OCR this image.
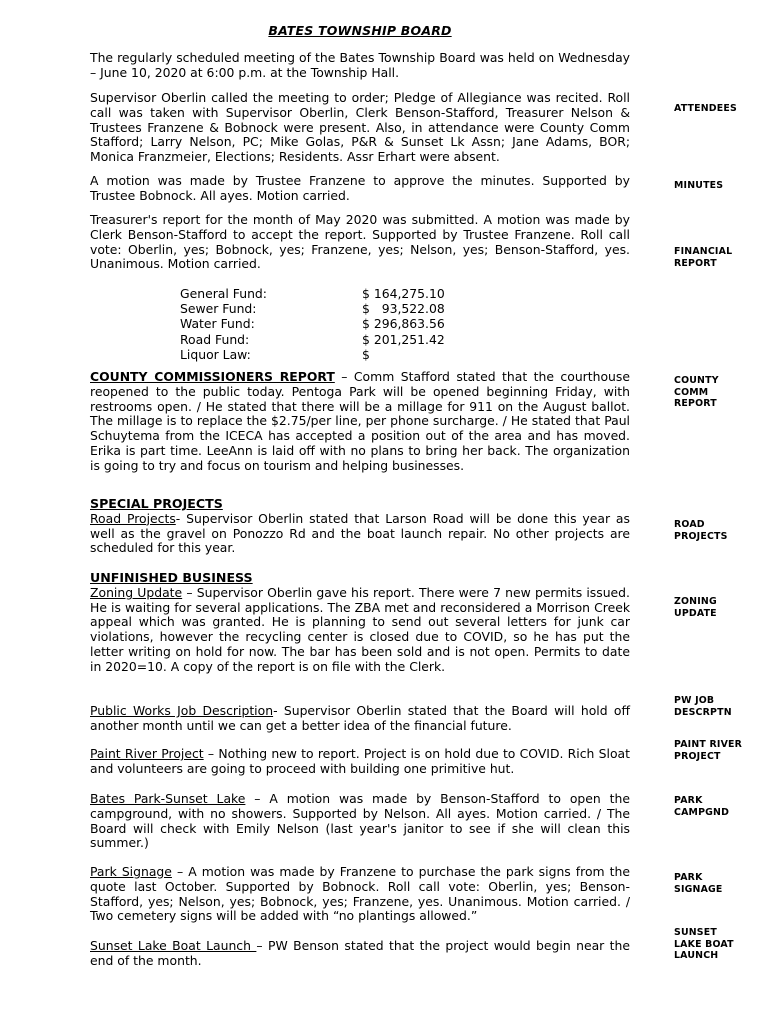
BATES TOWNSHIP BOARD
The regularly scheduled meeting of the Bates Township Board was held on Wednesday – June 10, 2020 at 6:00 p.m. at the Township Hall.
Supervisor Oberlin called the meeting to order; Pledge of Allegiance was recited. Roll call was taken with Supervisor Oberlin, Clerk Benson-Stafford, Treasurer Nelson & Trustees Franzene & Bobnock were present. Also, in attendance were County Comm Stafford; Larry Nelson, PC; Mike Golas, P&R & Sunset Lk Assn; Jane Adams, BOR; Monica Franzmeier, Elections; Residents. Assr Erhart were absent.
A motion was made by Trustee Franzene to approve the minutes. Supported by Trustee Bobnock. All ayes. Motion carried.
Treasurer's report for the month of May 2020 was submitted. A motion was made by Clerk Benson-Stafford to accept the report. Supported by Trustee Franzene. Roll call vote: Oberlin, yes; Bobnock, yes; Franzene, yes; Nelson, yes; Benson-Stafford, yes. Unanimous. Motion carried.
General Fund:	$ 164,275.10
Sewer Fund:	$   93,522.08
Water Fund:	$ 296,863.56
Road Fund:	$ 201,251.42
Liquor Law:	$
COUNTY COMMISSIONERS REPORT – Comm Stafford stated that the courthouse reopened to the public today. Pentoga Park will be opened beginning Friday, with restrooms open. / He stated that there will be a millage for 911 on the August ballot. The millage is to replace the $2.75/per line, per phone surcharge. / He stated that Paul Schuytema from the ICECA has accepted a position out of the area and has moved. Erika is part time. LeeAnn is laid off with no plans to bring her back. The organization is going to try and focus on tourism and helping businesses.
SPECIAL PROJECTS
Road Projects- Supervisor Oberlin stated that Larson Road will be done this year as well as the gravel on Ponozzo Rd and the boat launch repair. No other projects are scheduled for this year.
UNFINISHED BUSINESS
Zoning Update – Supervisor Oberlin gave his report. There were 7 new permits issued. He is waiting for several applications. The ZBA met and reconsidered a Morrison Creek appeal which was granted. He is planning to send out several letters for junk car violations, however the recycling center is closed due to COVID, so he has put the letter writing on hold for now. The bar has been sold and is not open. Permits to date in 2020=10. A copy of the report is on file with the Clerk.
Public Works Job Description- Supervisor Oberlin stated that the Board will hold off another month until we can get a better idea of the financial future.
Paint River Project – Nothing new to report. Project is on hold due to COVID. Rich Sloat and volunteers are going to proceed with building one primitive hut.
Bates Park-Sunset Lake – A motion was made by Benson-Stafford to open the campground, with no showers. Supported by Nelson. All ayes. Motion carried. / The Board will check with Emily Nelson (last year's janitor to see if she will clean this summer.)
Park Signage – A motion was made by Franzene to purchase the park signs from the quote last October. Supported by Bobnock. Roll call vote: Oberlin, yes; Benson-Stafford, yes; Nelson, yes; Bobnock, yes; Franzene, yes. Unanimous. Motion carried. / Two cemetery signs will be added with “no plantings allowed.”
Sunset Lake Boat Launch – PW Benson stated that the project would begin near the end of the month.
ATTENDEES
MINUTES
FINANCIAL REPORT
COUNTY COMM REPORT
ROAD PROJECTS
ZONING UPDATE
PW JOB DESCRPTN
PAINT RIVER PROJECT
PARK CAMPGND
PARK SIGNAGE
SUNSET LAKE BOAT LAUNCH
